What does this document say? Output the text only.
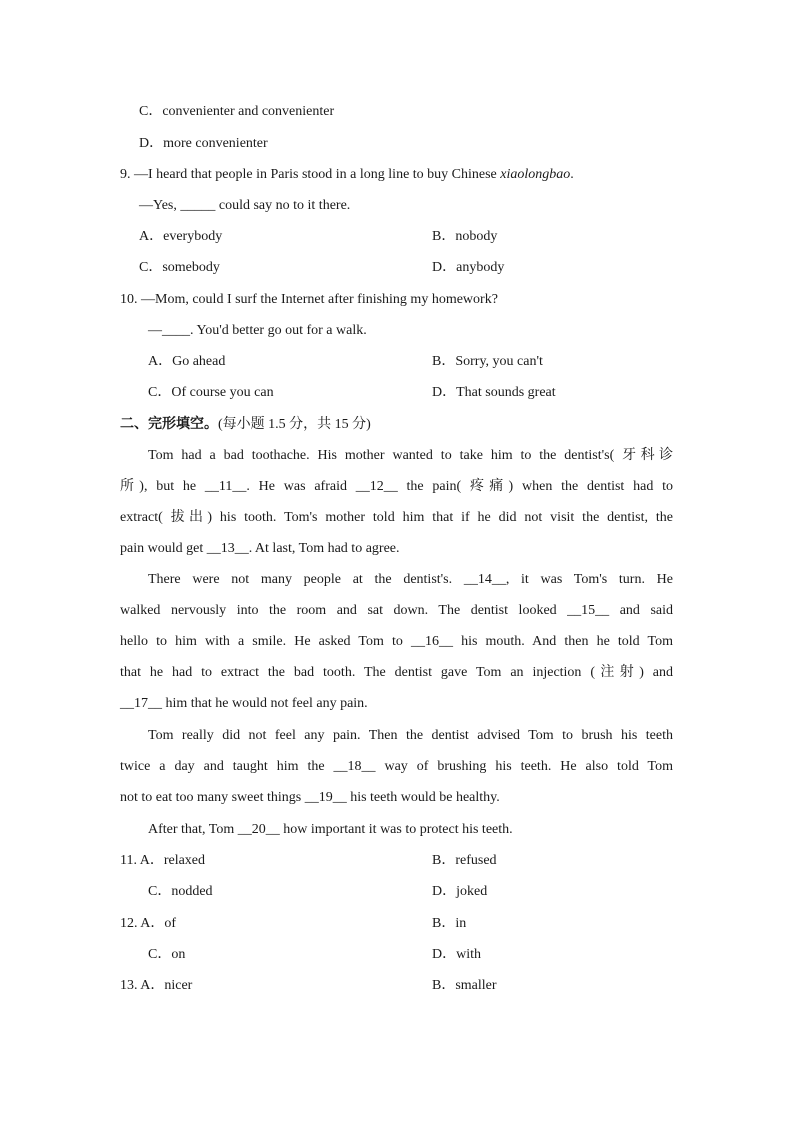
C．convenienter and convenienter
D．more convenienter
9. —I heard that people in Paris stood in a long line to buy Chinese xiaolongbao.
—Yes, _____ could say no to it there.
A．everybody	B．nobody
C．somebody	D．anybody
10. —Mom, could I surf the Internet after finishing my homework?
—____. You'd better go out for a walk.
A．Go ahead	B．Sorry, you can't
C．Of course you can	D．That sounds great
二、完形填空。(每小题 1.5 分，共 15 分)
Tom had a bad toothache. His mother wanted to take him to the dentist's( 牙科诊
所), but he __11__. He was afraid __12__ the pain( 疼痛) when the dentist had to
extract( 拔出) his tooth. Tom's mother told him that if he did not visit the dentist, the
pain would get __13__. At last, Tom had to agree.
There were not many people at the dentist's. __14__, it was Tom's turn. He
walked nervously into the room and sat down. The dentist looked __15__ and said
hello to him with a smile. He asked Tom to __16__ his mouth. And then he told Tom
that he had to extract the bad tooth. The dentist gave Tom an injection (注射) and
__17__ him that he would not feel any pain.
Tom really did not feel any pain. Then the dentist advised Tom to brush his teeth
twice a day and taught him the __18__ way of brushing his teeth. He also told Tom
not to eat too many sweet things __19__ his teeth would be healthy.
After that, Tom __20__ how important it was to protect his teeth.
11. A．relaxed	B．refused
C．nodded	D．joked
12. A．of	B．in
C．on	D．with
13. A．nicer	B．smaller
